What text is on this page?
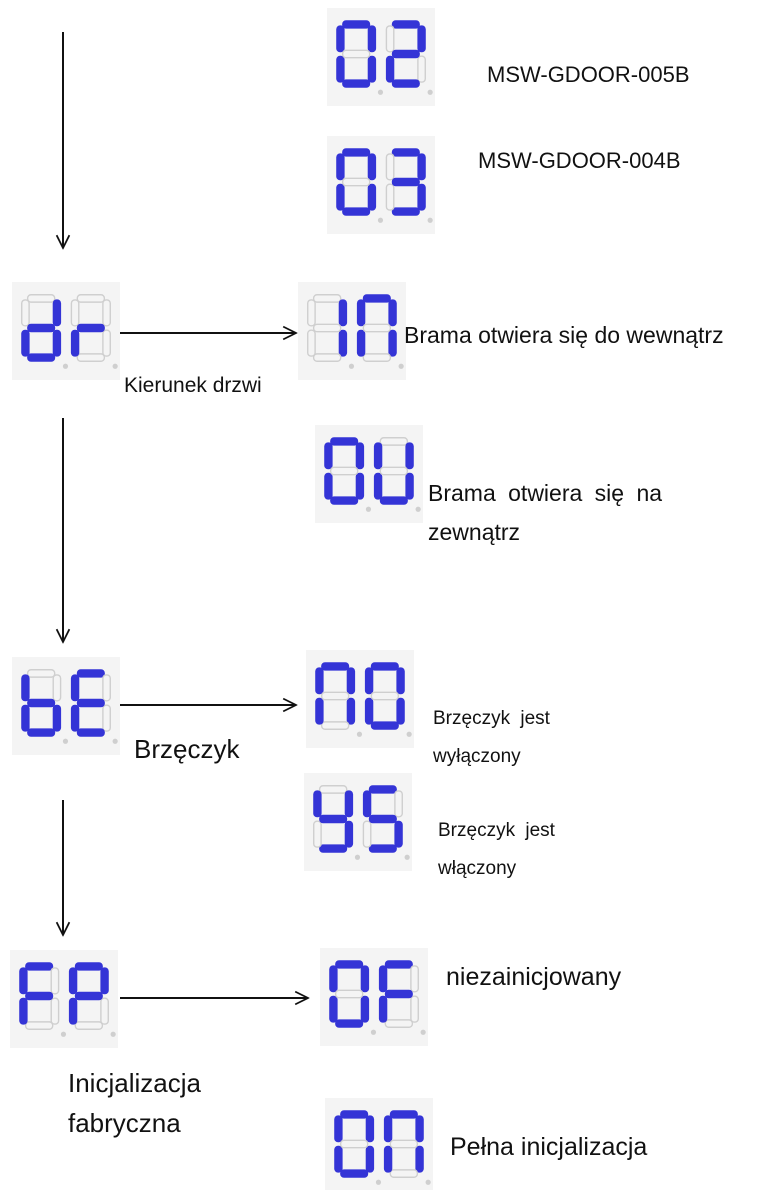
MSW-GDOOR-005B
MSW-GDOOR-004B
Kierunek drzwi
Brama otwiera się do wewnątrz
Brama otwiera się na
zewnątrz
Brzęczyk
Brzęczyk jest
wyłączony
Brzęczyk jest
włączony
Inicjalizacja
fabryczna
niezainicjowany
Pełna inicjalizacja
